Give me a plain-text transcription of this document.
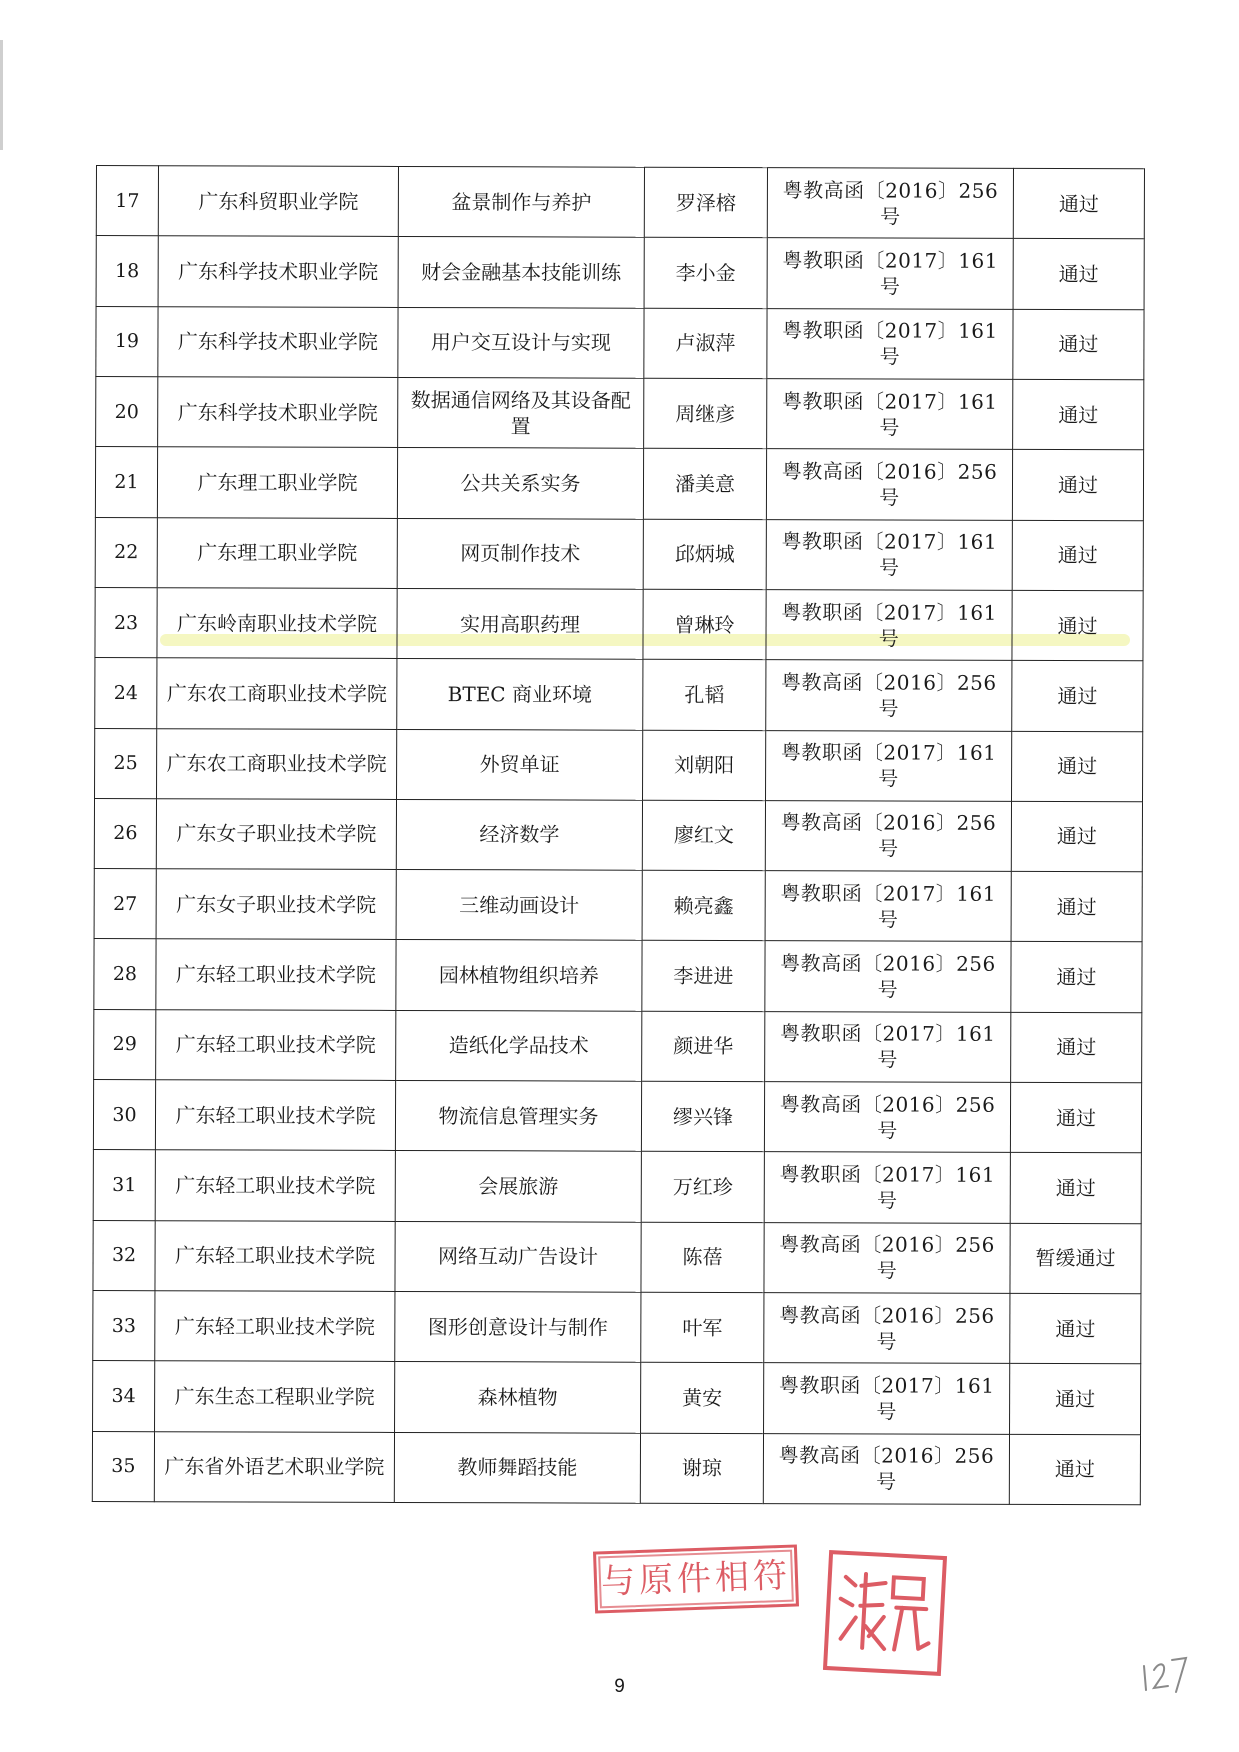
17	广东科贸职业学院	盆景制作与养护	罗泽榕	粤教高函〔2016〕256 号	通过
18	广东科学技术职业学院	财会金融基本技能训练	李小金	粤教职函〔2017〕161 号	通过
19	广东科学技术职业学院	用户交互设计与实现	卢淑萍	粤教职函〔2017〕161 号	通过
20	广东科学技术职业学院	数据通信网络及其设备配置	周继彦	粤教职函〔2017〕161 号	通过
21	广东理工职业学院	公共关系实务	潘美意	粤教高函〔2016〕256 号	通过
22	广东理工职业学院	网页制作技术	邱炳城	粤教职函〔2017〕161 号	通过
23	广东岭南职业技术学院	实用高职药理	曾琳玲	粤教职函〔2017〕161 号	通过
24	广东农工商职业技术学院	BTEC 商业环境	孔韬	粤教高函〔2016〕256 号	通过
25	广东农工商职业技术学院	外贸单证	刘朝阳	粤教职函〔2017〕161 号	通过
26	广东女子职业技术学院	经济数学	廖红文	粤教高函〔2016〕256 号	通过
27	广东女子职业技术学院	三维动画设计	赖亮鑫	粤教职函〔2017〕161 号	通过
28	广东轻工职业技术学院	园林植物组织培养	李进进	粤教高函〔2016〕256 号	通过
29	广东轻工职业技术学院	造纸化学品技术	颜进华	粤教职函〔2017〕161 号	通过
30	广东轻工职业技术学院	物流信息管理实务	缪兴锋	粤教高函〔2016〕256 号	通过
31	广东轻工职业技术学院	会展旅游	万红珍	粤教职函〔2017〕161 号	通过
32	广东轻工职业技术学院	网络互动广告设计	陈蓓	粤教高函〔2016〕256 号	暂缓通过
33	广东轻工职业技术学院	图形创意设计与制作	叶军	粤教高函〔2016〕256 号	通过
34	广东生态工程职业学院	森林植物	黄安	粤教职函〔2017〕161 号	通过
35	广东省外语艺术职业学院	教师舞蹈技能	谢琼	粤教高函〔2016〕256 号	通过
与原件相符
9
